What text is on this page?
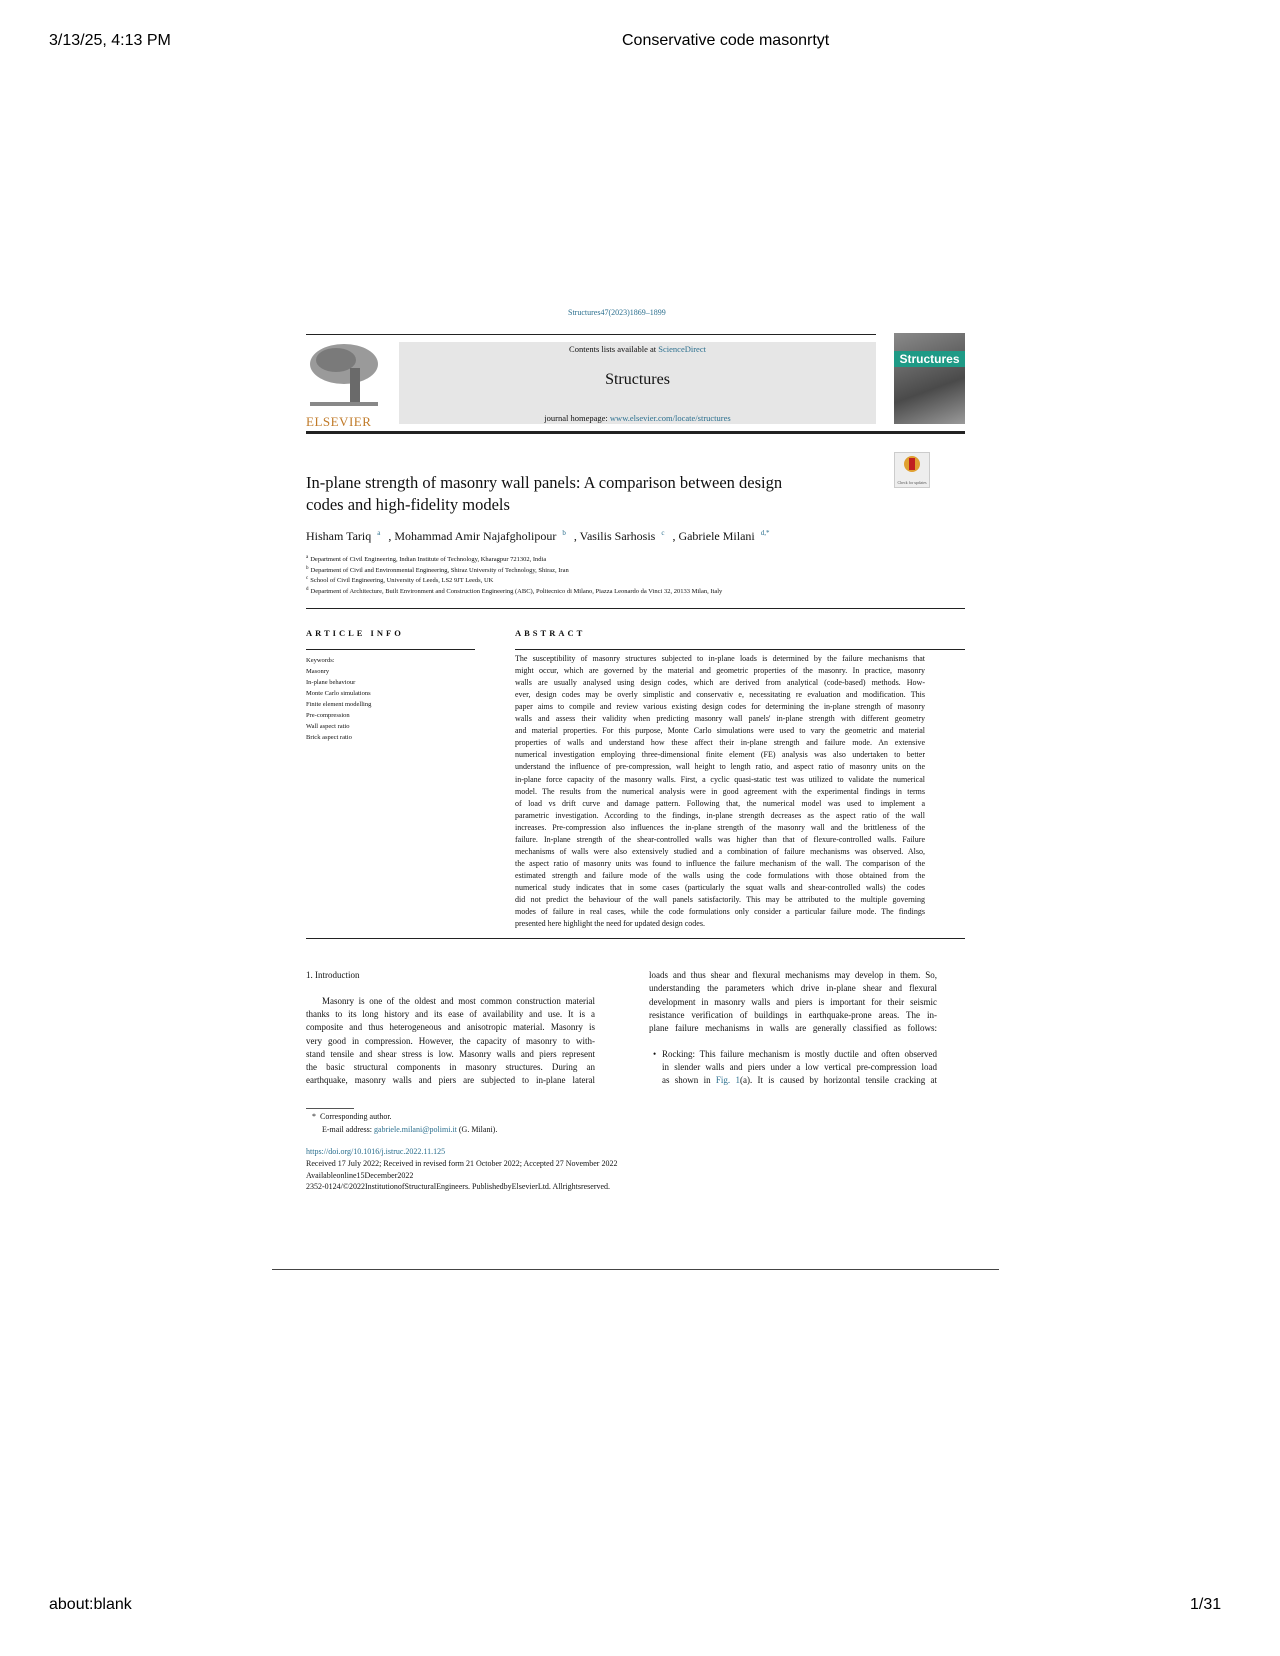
3/13/25, 4:13 PM	Conservative code masonrtyt
about:blank	1/31
Structures47(2023)1869–1899
ELSEVIER
Contents lists available at ScienceDirect
Structures
journal homepage: www.elsevier.com/locate/structures
Structures
Check for updates
In-plane strength of masonry wall panels: A comparison between design
codes and high-fidelity models
Hisham Tariq $^a$ , Mohammad Amir Najafgholipour $^b$ , Vasilis Sarhosis $^c$ , Gabriele Milani $^{d,*}$
$^a$ Department of Civil Engineering, Indian Institute of Technology, Kharagpur 721302, India
$^b$ Department of Civil and Environmental Engineering, Shiraz University of Technology, Shiraz, Iran
$^c$ School of Civil Engineering, University of Leeds, LS2 9JT Leeds, UK
$^d$ Department of Architecture, Built Environment and Construction Engineering (ABC), Politecnico di Milano, Piazza Leonardo da Vinci 32, 20133 Milan, Italy
ARTICLE INFO	ABSTRACT
Keywords:
Masonry
In-plane behaviour
Monte Carlo simulations
Finite element modelling
Pre-compression
Wall aspect ratio
Brick aspect ratio
The susceptibility of masonry structures subjected to in-plane loads is determined by the failure mechanisms that
might occur, which are governed by the material and geometric properties of the masonry. In practice, masonry
walls are usually analysed using design codes, which are derived from analytical (code-based) methods. How-
ever, design codes may be overly simplistic and conservativ e, necessitating re evaluation and modification. This
paper aims to compile and review various existing design codes for determining the in-plane strength of masonry
walls and assess their validity when predicting masonry wall panels' in-plane strength with different geometry
and material properties. For this purpose, Monte Carlo simulations were used to vary the geometric and material
properties of walls and understand how these affect their in-plane strength and failure mode. An extensive
numerical investigation employing three-dimensional finite element (FE) analysis was also undertaken to better
understand the influence of pre-compression, wall height to length ratio, and aspect ratio of masonry units on the
in-plane force capacity of the masonry walls. First, a cyclic quasi-static test was utilized to validate the numerical
model. The results from the numerical analysis were in good agreement with the experimental findings in terms
of load vs drift curve and damage pattern. Following that, the numerical model was used to implement a
parametric investigation. According to the findings, in-plane strength decreases as the aspect ratio of the wall
increases. Pre-compression also influences the in-plane strength of the masonry wall and the brittleness of the
failure. In-plane strength of the shear-controlled walls was higher than that of flexure-controlled walls. Failure
mechanisms of walls were also extensively studied and a combination of failure mechanisms was observed. Also,
the aspect ratio of masonry units was found to influence the failure mechanism of the wall. The comparison of the
estimated strength and failure mode of the walls using the code formulations with those obtained from the
numerical study indicates that in some cases (particularly the squat walls and shear-controlled walls) the codes
did not predict the behaviour of the wall panels satisfactorily. This may be attributed to the multiple governing
modes of failure in real cases, while the code formulations only consider a particular failure mode. The findings
presented here highlight the need for updated design codes.
1. Introduction
Masonry is one of the oldest and most common construction material
thanks to its long history and its ease of availability and use. It is a
composite and thus heterogeneous and anisotropic material. Masonry is
very good in compression. However, the capacity of masonry to with-
stand tensile and shear stress is low. Masonry walls and piers represent
the basic structural components in masonry structures. During an
earthquake, masonry walls and piers are subjected to in-plane lateral
loads and thus shear and flexural mechanisms may develop in them. So,
understanding the parameters which drive in-plane shear and flexural
development in masonry walls and piers is important for their seismic
resistance verification of buildings in earthquake-prone areas. The in-
plane failure mechanisms in walls are generally classified as follows:
• Rocking: This failure mechanism is mostly ductile and often observed
in slender walls and piers under a low vertical pre-compression load
as shown in Fig. 1(a). It is caused by horizontal tensile cracking at
* Corresponding author.
E-mail address: gabriele.milani@polimi.it (G. Milani).
https://doi.org/10.1016/j.istruc.2022.11.125
Received 17 July 2022; Received in revised form 21 October 2022; Accepted 27 November 2022
Availableonline15December2022
2352-0124/©2022InstitutionofStructuralEngineers. PublishedbyElsevierLtd. Allrightsreserved.
